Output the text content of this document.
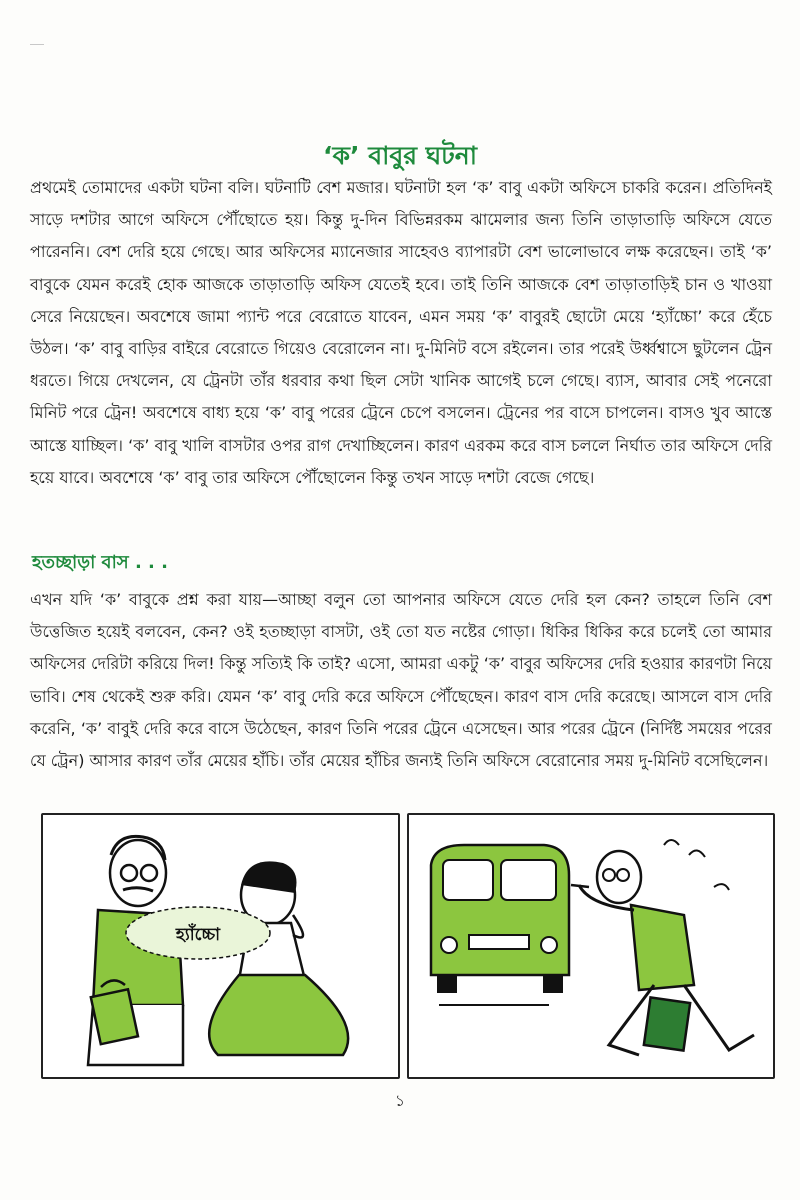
‘ক’ বাবুর ঘটনা

প্রথমেই তোমাদের একটা ঘটনা বলি। ঘটনাটি বেশ মজার। ঘটনাটা হল ‘ক’ বাবু একটা অফিসে চাকরি করেন। প্রতিদিনই সাড়ে দশটার আগে অফিসে পৌঁছোতে হয়। কিন্তু দু-দিন বিভিন্নরকম ঝামেলার জন্য তিনি তাড়াতাড়ি অফিসে যেতে পারেননি। বেশ দেরি হয়ে গেছে। আর অফিসের ম্যানেজার সাহেবও ব্যাপারটা বেশ ভালোভাবে লক্ষ করেছেন। তাই ‘ক’ বাবুকে যেমন করেই হোক আজকে তাড়াতাড়ি অফিস যেতেই হবে। তাই তিনি আজকে বেশ তাড়াতাড়িই চান ও খাওয়া সেরে নিয়েছেন। অবশেষে জামা প্যান্ট পরে বেরোতে যাবেন, এমন সময় ‘ক’ বাবুরই ছোটো মেয়ে ‘হ্যাঁচ্চো’ করে হেঁচে উঠল। ‘ক’ বাবু বাড়ির বাইরে বেরোতে গিয়েও বেরোলেন না। দু-মিনিট বসে রইলেন। তার পরেই উর্ধ্বশ্বাসে ছুটলেন ট্রেন ধরতে। গিয়ে দেখলেন, যে ট্রেনটা তাঁর ধরবার কথা ছিল সেটা খানিক আগেই চলে গেছে। ব্যাস, আবার সেই পনেরো মিনিট পরে ট্রেন! অবশেষে বাধ্য হয়ে ‘ক’ বাবু পরের ট্রেনে চেপে বসলেন। ট্রেনের পর বাসে চাপলেন। বাসও খুব আস্তে আস্তে যাচ্ছিল। ‘ক’ বাবু খালি বাসটার ওপর রাগ দেখাচ্ছিলেন। কারণ এরকম করে বাস চললে নির্ঘাত তার অফিসে দেরি হয়ে যাবে। অবশেষে ‘ক’ বাবু তার অফিসে পৌঁছোলেন কিন্তু তখন সাড়ে দশটা বেজে গেছে।

হতচ্ছাড়া বাস . . .

এখন যদি ‘ক’ বাবুকে প্রশ্ন করা যায়—আচ্ছা বলুন তো আপনার অফিসে যেতে দেরি হল কেন? তাহলে তিনি বেশ উত্তেজিত হয়েই বলবেন, কেন? ওই হতচ্ছাড়া বাসটা, ওই তো যত নষ্টের গোড়া। ধিকির ধিকির করে চলেই তো আমার অফিসের দেরিটা করিয়ে দিল! কিন্তু সত্যিই কি তাই? এসো, আমরা একটু ‘ক’ বাবুর অফিসের দেরি হওয়ার কারণটা নিয়ে ভাবি। শেষ থেকেই শুরু করি। যেমন ‘ক’ বাবু দেরি করে অফিসে পৌঁছেছেন। কারণ বাস দেরি করেছে। আসলে বাস দেরি করেনি, ‘ক’ বাবুই দেরি করে বাসে উঠেছেন, কারণ তিনি পরের ট্রেনে এসেছেন। আর পরের ট্রেনে (নির্দিষ্ট সময়ের পরের যে ট্রেন) আসার কারণ তাঁর মেয়ের হাঁচি। তাঁর মেয়ের হাঁচির জন্যই তিনি অফিসে বেরোনোর সময় দু-মিনিট বসেছিলেন।

হ্যাঁচ্চো
১
